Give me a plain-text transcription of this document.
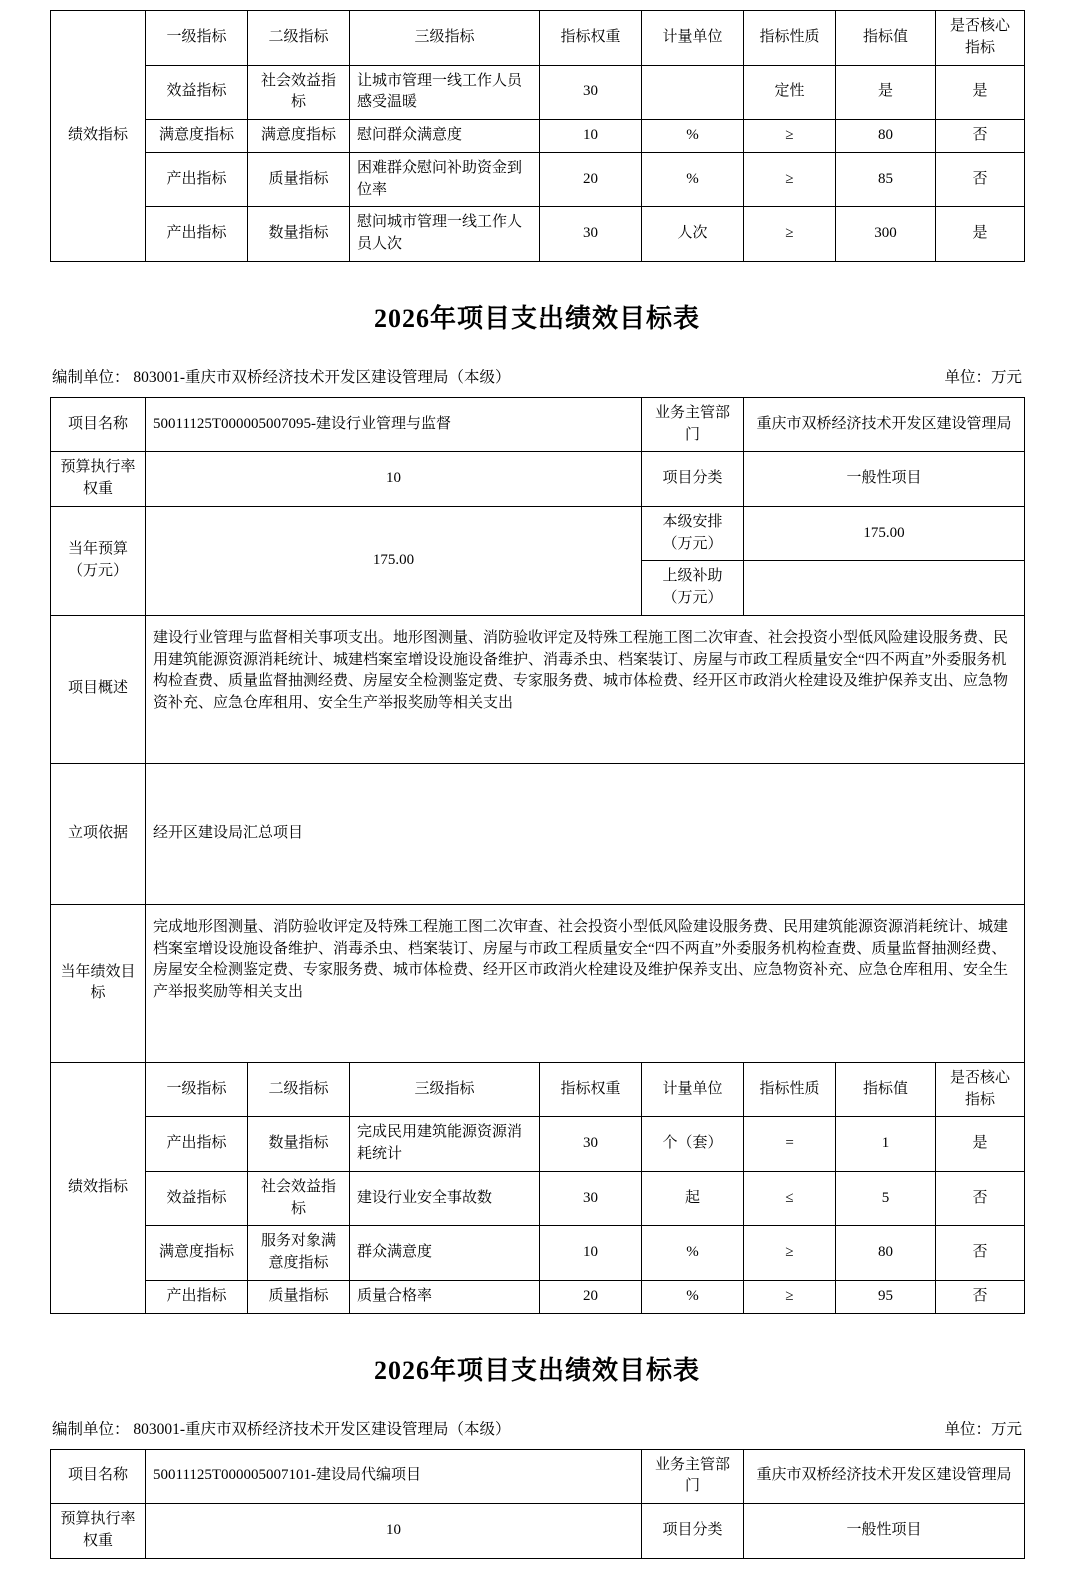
绩效指标	一级指标	二级指标	三级指标	指标权重	计量单位	指标性质	指标值	是否核心指标
	效益指标	社会效益指标	让城市管理一线工作人员感受温暖	30		定性	是	是
	满意度指标	满意度指标	慰问群众满意度	10	%	≥	80	否
	产出指标	质量指标	困难群众慰问补助资金到位率	20	%	≥	85	否
	产出指标	数量指标	慰问城市管理一线工作人员人次	30	人次	≥	300	是
2026年项目支出绩效目标表
编制单位： 803001-重庆市双桥经济技术开发区建设管理局（本级）	单位：万元
项目名称	50011125T000005007095-建设行业管理与监督				业务主管部门	重庆市双桥经济技术开发区建设管理局		
预算执行率权重	10				项目分类	一般性项目		
当年预算（万元）	175.00				本级安排（万元）	175.00		
					上级补助（万元）			
项目概述	建设行业管理与监督相关事项支出。地形图测量、消防验收评定及特殊工程施工图二次审查、社会投资小型低风险建设服务费、民用建筑能源资源消耗统计、城建档案室增设设施设备维护、消毒杀虫、档案装订、房屋与市政工程质量安全“四不两直”外委服务机构检查费、质量监督抽测经费、房屋安全检测鉴定费、专家服务费、城市体检费、经开区市政消火栓建设及维护保养支出、应急物资补充、应急仓库租用、安全生产举报奖励等相关支出							
立项依据	经开区建设局汇总项目							
当年绩效目标	完成地形图测量、消防验收评定及特殊工程施工图二次审查、社会投资小型低风险建设服务费、民用建筑能源资源消耗统计、城建档案室增设设施设备维护、消毒杀虫、档案装订、房屋与市政工程质量安全“四不两直”外委服务机构检查费、质量监督抽测经费、房屋安全检测鉴定费、专家服务费、城市体检费、经开区市政消火栓建设及维护保养支出、应急物资补充、应急仓库租用、安全生产举报奖励等相关支出							
绩效指标	一级指标	二级指标	三级指标	指标权重	计量单位	指标性质	指标值	是否核心指标
	产出指标	数量指标	完成民用建筑能源资源消耗统计	30	个（套）	=	1	是
	效益指标	社会效益指标	建设行业安全事故数	30	起	≤	5	否
	满意度指标	服务对象满意度指标	群众满意度	10	%	≥	80	否
	产出指标	质量指标	质量合格率	20	%	≥	95	否
2026年项目支出绩效目标表
编制单位： 803001-重庆市双桥经济技术开发区建设管理局（本级）	单位：万元
项目名称	50011125T000005007101-建设局代编项目	业务主管部门	重庆市双桥经济技术开发区建设管理局
预算执行率权重	10	项目分类	一般性项目
